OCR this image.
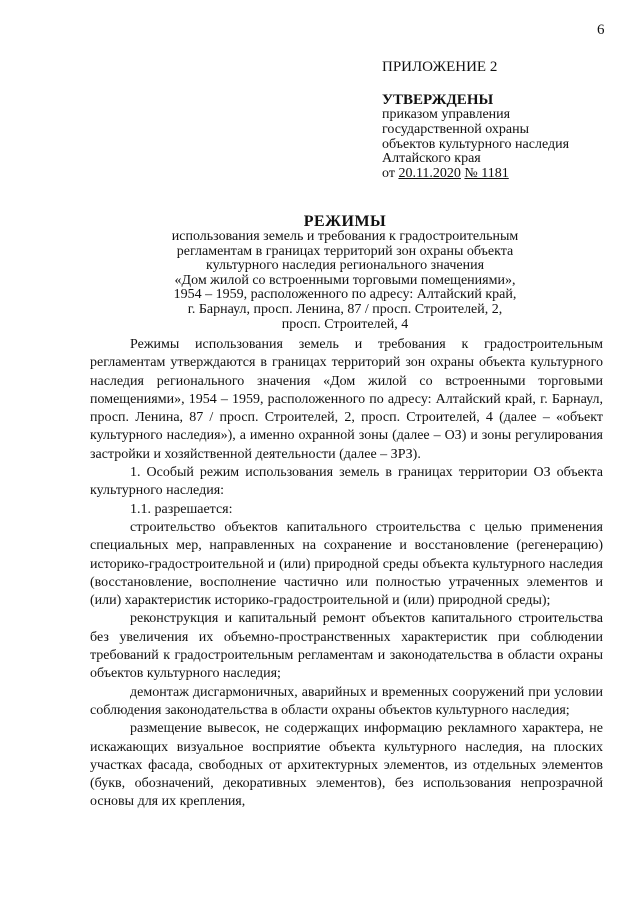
6
ПРИЛОЖЕНИЕ 2
УТВЕРЖДЕНЫ
приказом управления
государственной охраны
объектов культурного наследия
Алтайского края
от 20.11.2020 № 1181
РЕЖИМЫ
использования земель и требования к градостроительным
регламентам в границах территорий зон охраны объекта
культурного наследия регионального значения
«Дом жилой со встроенными торговыми помещениями»,
1954 – 1959, расположенного по адресу: Алтайский край,
г. Барнаул, просп. Ленина, 87 / просп. Строителей, 2,
просп. Строителей, 4

Режимы использования земель и требования к градостроительным регламентам утверждаются в границах территорий зон охраны объекта культурного наследия регионального значения «Дом жилой со встроенными торговыми помещениями», 1954 – 1959, расположенного по адресу: Алтайский край, г. Барнаул, просп. Ленина, 87 / просп. Строителей, 2, просп. Строителей, 4 (далее – «объект культурного наследия»), а именно охранной зоны (далее – ОЗ) и зоны регулирования застройки и хозяйственной деятельности (далее – ЗРЗ).

1. Особый режим использования земель в границах территории ОЗ объекта культурного наследия:

1.1. разрешается:

строительство объектов капитального строительства с целью применения специальных мер, направленных на сохранение и восстановление (регенерацию) историко-градостроительной и (или) природной среды объекта культурного наследия (восстановление, восполнение частично или полностью утраченных элементов и (или) характеристик историко-градостроительной и (или) природной среды);

реконструкция и капитальный ремонт объектов капитального строительства без увеличения их объемно-пространственных характеристик при соблюдении требований к градостроительным регламентам и законодательства в области охраны объектов культурного наследия;

демонтаж дисгармоничных, аварийных и временных сооружений при условии соблюдения законодательства в области охраны объектов культурного наследия;

размещение вывесок, не содержащих информацию рекламного характера, не искажающих визуальное восприятие объекта культурного наследия, на плоских участках фасада, свободных от архитектурных элементов, из отдельных элементов (букв, обозначений, декоративных элементов), без использования непрозрачной основы для их крепления,
